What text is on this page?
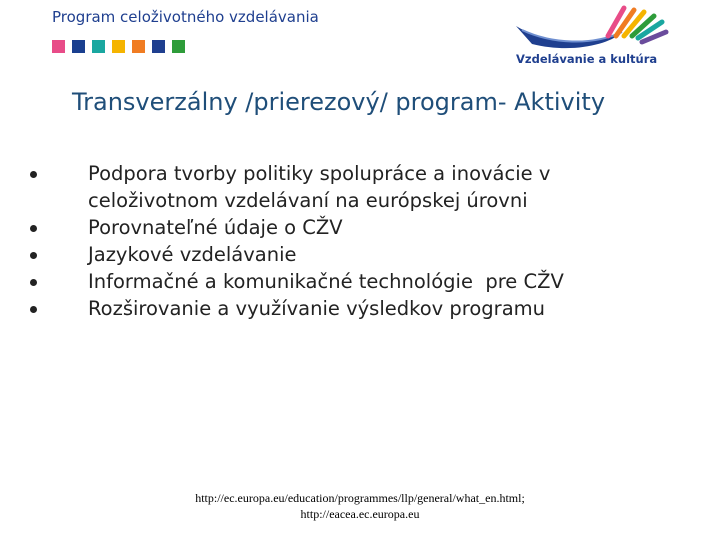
Program celoživotného vzdelávania
Vzdelávanie a kultúra
Transverzálny /prierezový/ program- Aktivity
Podpora tvorby politiky spolupráce a inovácie v
celoživotnom vzdelávaní na európskej úrovni
Porovnateľné údaje o CŽV
Jazykové vzdelávanie
Informačné a komunikačné technológie  pre CŽV
Rozširovanie a využívanie výsledkov programu
http://ec.europa.eu/education/programmes/llp/general/what_en.html;
http://eacea.ec.europa.eu
